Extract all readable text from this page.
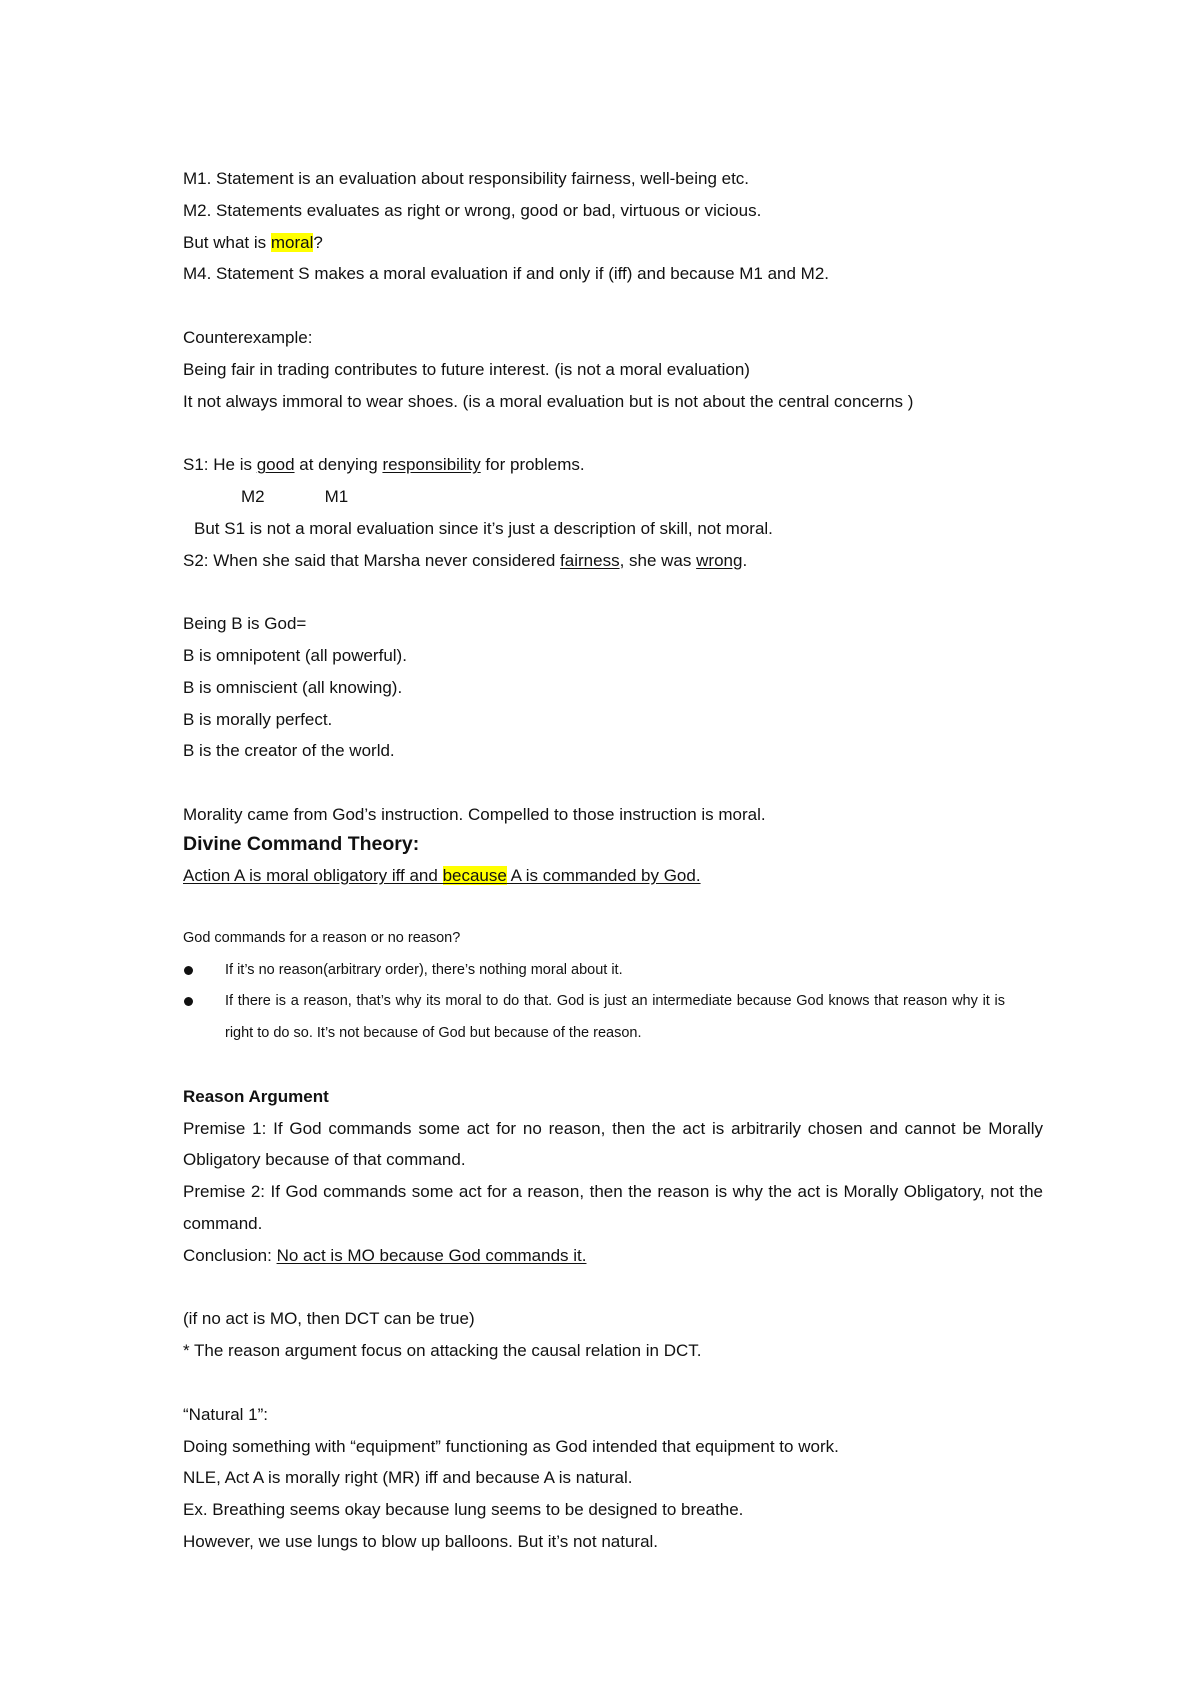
M1. Statement is an evaluation about responsibility fairness, well-being etc.
M2. Statements evaluates as right or wrong, good or bad, virtuous or vicious.
But what is moral?
M4. Statement S makes a moral evaluation if and only if (iff) and because M1 and M2.
Counterexample:
Being fair in trading contributes to future interest. (is not a moral evaluation)
It not always immoral to wear shoes. (is a moral evaluation but is not about the central concerns )
S1: He is good at denying responsibility for problems.
M2	M1
But S1 is not a moral evaluation since it’s just a description of skill, not moral.
S2: When she said that Marsha never considered fairness, she was wrong.
Being B is God=
B is omnipotent (all powerful).
B is omniscient (all knowing).
B is morally perfect.
B is the creator of the world.
Morality came from God’s instruction. Compelled to those instruction is moral.
Divine Command Theory:
Action A is moral obligatory iff and because A is commanded by God.
God commands for a reason or no reason?
If it’s no reason(arbitrary order), there’s nothing moral about it.
If there is a reason, that’s why its moral to do that. God is just an intermediate because God knows that reason why it is right to do so. It’s not because of God but because of the reason.
Reason Argument
Premise 1: If God commands some act for no reason, then the act is arbitrarily chosen and cannot be Morally Obligatory because of that command.
Premise 2: If God commands some act for a reason, then the reason is why the act is Morally Obligatory, not the command.
Conclusion: No act is MO because God commands it.
(if no act is MO, then DCT can be true)
* The reason argument focus on attacking the causal relation in DCT.
“Natural 1”:
Doing something with “equipment” functioning as God intended that equipment to work.
NLE, Act A is morally right (MR) iff and because A is natural.
Ex. Breathing seems okay because lung seems to be designed to breathe.
However, we use lungs to blow up balloons. But it’s not natural.
